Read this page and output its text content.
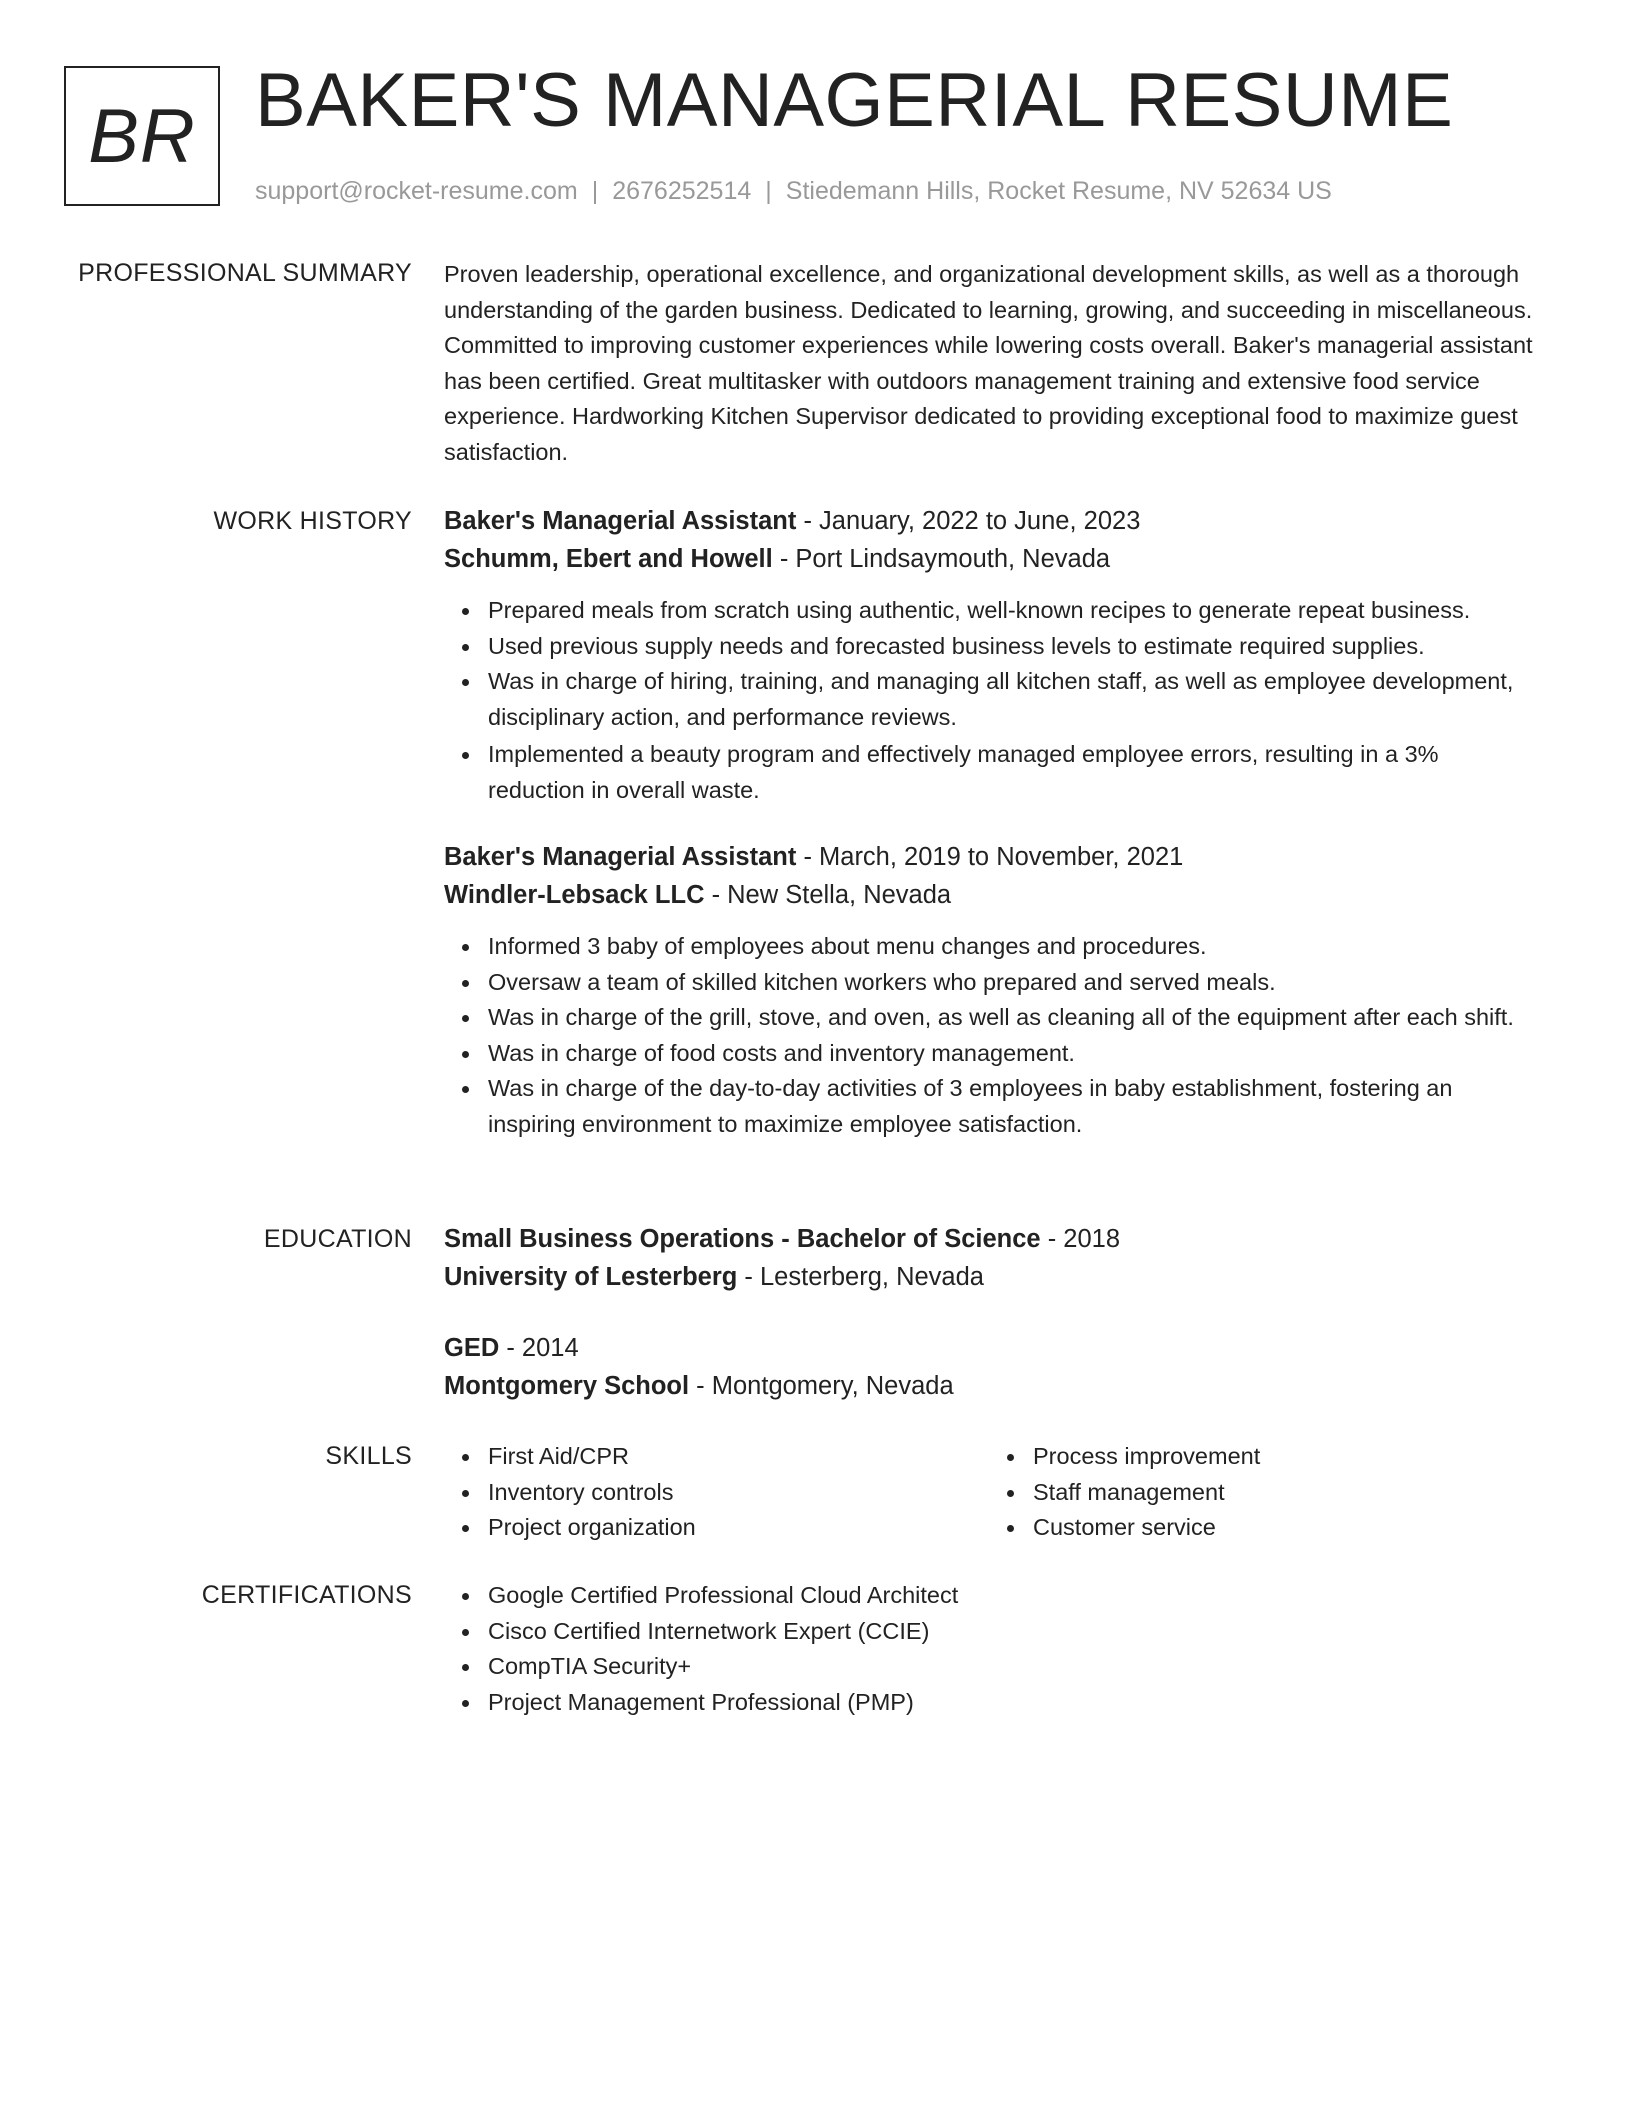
BR BAKER'S MANAGERIAL RESUME
support@rocket-resume.com | 2676252514 | Stiedemann Hills, Rocket Resume, NV 52634 US
PROFESSIONAL SUMMARY Proven leadership, operational excellence, and organizational development skills, as well as a thorough understanding of the garden business. Dedicated to learning, growing, and succeeding in miscellaneous. Committed to improving customer experiences while lowering costs overall. Baker's managerial assistant has been certified. Great multitasker with outdoors management training and extensive food service experience. Hardworking Kitchen Supervisor dedicated to providing exceptional food to maximize guest satisfaction.

WORK HISTORY Baker's Managerial Assistant - January, 2022 to June, 2023
Schumm, Ebert and Howell - Port Lindsaymouth, Nevada
Prepared meals from scratch using authentic, well-known recipes to generate repeat business.
Used previous supply needs and forecasted business levels to estimate required supplies.
Was in charge of hiring, training, and managing all kitchen staff, as well as employee development, disciplinary action, and performance reviews.
Implemented a beauty program and effectively managed employee errors, resulting in a 3% reduction in overall waste.
Baker's Managerial Assistant - March, 2019 to November, 2021
Windler-Lebsack LLC - New Stella, Nevada
Informed 3 baby of employees about menu changes and procedures.
Oversaw a team of skilled kitchen workers who prepared and served meals.
Was in charge of the grill, stove, and oven, as well as cleaning all of the equipment after each shift.
Was in charge of food costs and inventory management.
Was in charge of the day-to-day activities of 3 employees in baby establishment, fostering an inspiring environment to maximize employee satisfaction.
EDUCATION Small Business Operations - Bachelor of Science - 2018
University of Lesterberg - Lesterberg, Nevada
GED - 2014
Montgomery School - Montgomery, Nevada
SKILLS	First Aid/CPR
Inventory controls
Project organization
Process improvement
Staff management
Customer service
CERTIFICATIONS	Google Certified Professional Cloud Architect
Cisco Certified Internetwork Expert (CCIE)
CompTIA Security+
Project Management Professional (PMP)
